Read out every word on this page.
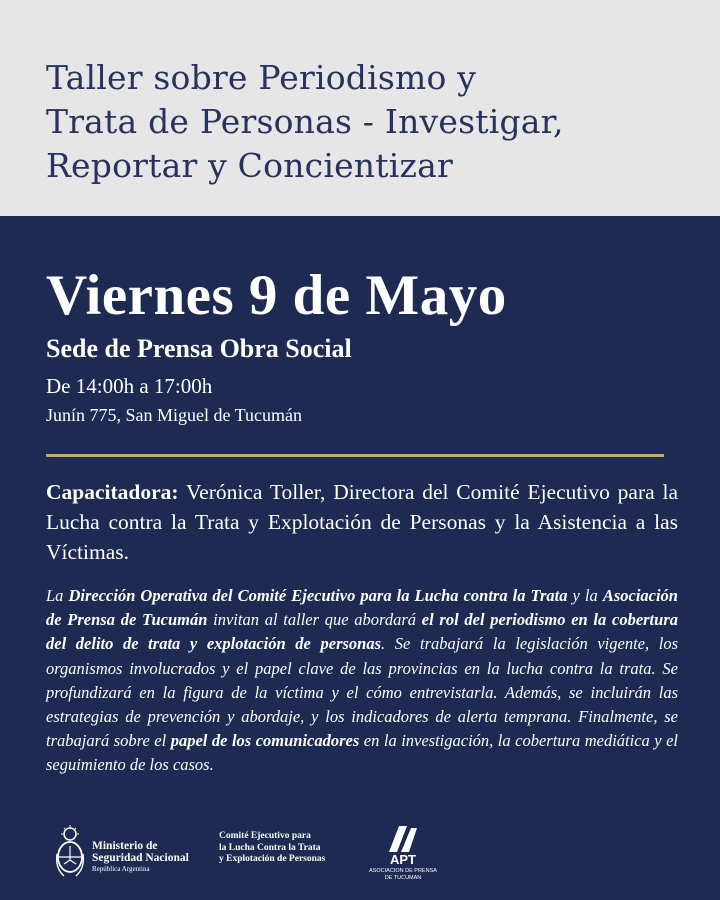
Taller sobre Periodismo y
Trata de Personas - Investigar,
Reportar y Concientizar
Viernes 9 de Mayo
Sede de Prensa Obra Social
De 14:00h a 17:00h
Junín 775, San Miguel de Tucumán
Capacitadora: Verónica Toller, Directora del Comité Ejecutivo para la Lucha contra la Trata y Explotación de Personas y la Asistencia a las Víctimas.
La Dirección Operativa del Comité Ejecutivo para la Lucha contra la Trata y la Asociación de Prensa de Tucumán invitan al taller que abordará el rol del periodismo en la cobertura del delito de trata y explotación de personas. Se trabajará la legislación vigente, los organismos involucrados y el papel clave de las provincias en la lucha contra la trata. Se profundizará en la figura de la víctima y el cómo entrevistarla. Además, se incluirán las estrategias de prevención y abordaje, y los indicadores de alerta temprana. Finalmente, se trabajará sobre el papel de los comunicadores en la investigación, la cobertura mediática y el seguimiento de los casos.
Ministerio de
Seguridad Nacional
República Argentina
Comité Ejecutivo para
la Lucha Contra la Trata
y Explotación de Personas	APT
ASOCIACION DE PRENSA
DE TUCUMAN
